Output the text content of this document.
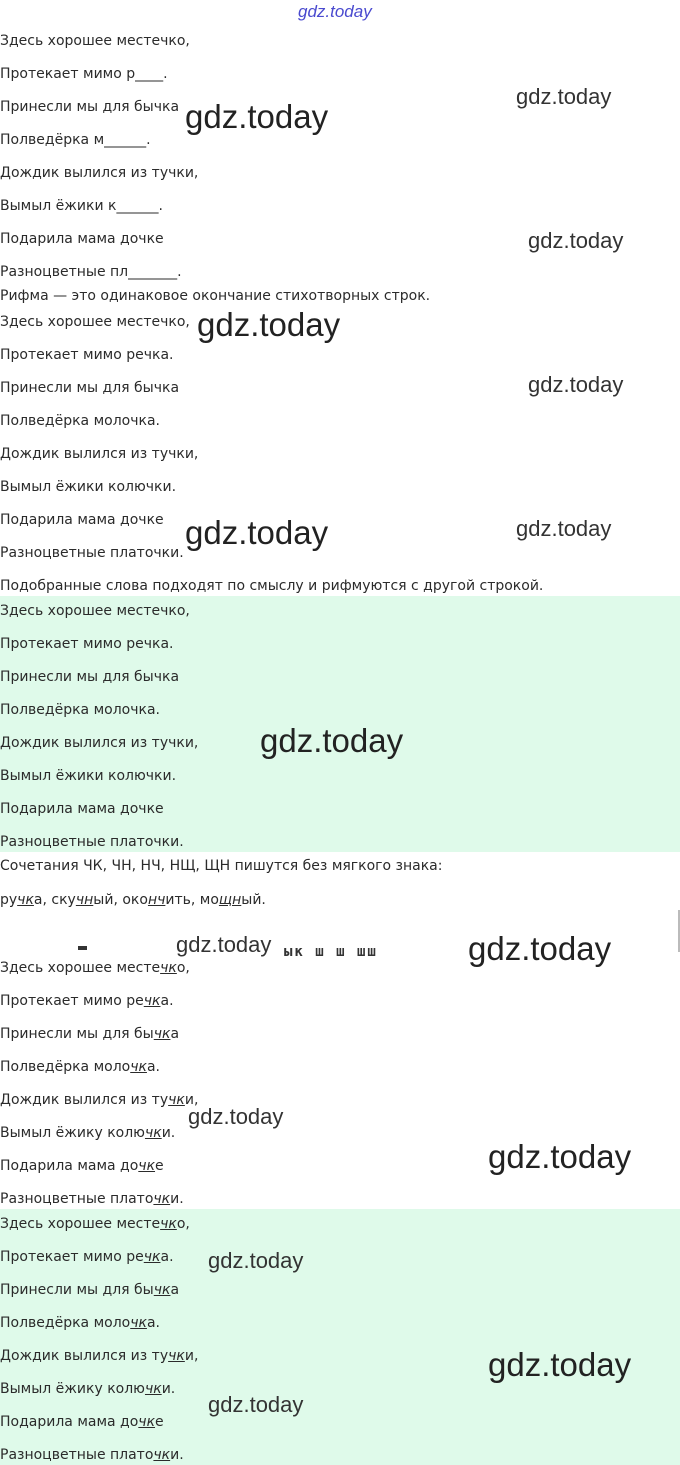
Здесь хорошее местечко,
Протекает мимо р____.
Принесли мы для бычка
Полведёрка м______.
Дождик вылился из тучки,
Вымыл ёжики к______.
Подарила мама дочке
Разноцветные пл_______.
Рифма — это одинаковое окончание стихотворных строк.
Здесь хорошее местечко,
Протекает мимо речка.
Принесли мы для бычка
Полведёрка молочка.
Дождик вылился из тучки,
Вымыл ёжики колючки.
Подарила мама дочке
Разноцветные платочки.
Подобранные слова подходят по смыслу и рифмуются с другой строкой.
Здесь хорошее местечко,
Протекает мимо речка.
Принесли мы для бычка
Полведёрка молочка.
Дождик вылился из тучки,
Вымыл ёжики колючки.
Подарила мама дочке
Разноцветные платочки.
Сочетания ЧК, ЧН, НЧ, НЩ, ЩН пишутся без мягкого знака:
ручка, скучный, окончить, мощный.
ык ш ш шш
Здесь хорошее местечко,
Протекает мимо речка.
Принесли мы для бычка
Полведёрка молочка.
Дождик вылился из тучки,
Вымыл ёжику колючки.
Подарила мама дочке
Разноцветные платочки.
Здесь хорошее местечко,
Протекает мимо речка.
Принесли мы для бычка
Полведёрка молочка.
Дождик вылился из тучки,
Вымыл ёжику колючки.
Подарила мама дочке
Разноцветные платочки.
gdz.today
gdz.today
gdz.today
gdz.today
gdz.today
gdz.today
gdz.today	gdz.today
gdz.today
gdz.today	gdz.today
gdz.today
gdz.today
gdz.today
gdz.today
gdz.today
